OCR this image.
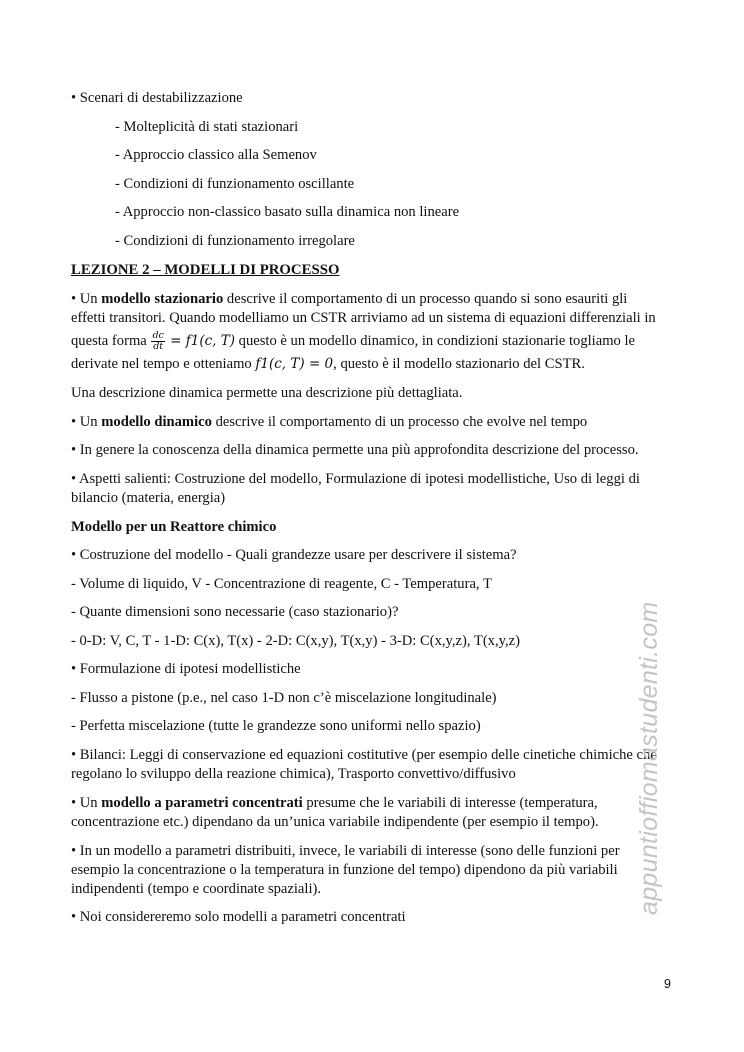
• Scenari di destabilizzazione
- Molteplicità di stati stazionari
- Approccio classico alla Semenov
- Condizioni di funzionamento oscillante
- Approccio non-classico basato sulla dinamica non lineare
- Condizioni di funzionamento irregolare
LEZIONE 2 – MODELLI DI PROCESSO
• Un modello stazionario descrive il comportamento di un processo quando si sono esauriti gli
effetti transitori. Quando modelliamo un CSTR arriviamo ad un sistema di equazioni differenziali in
questa forma $\frac{dc}{dt} = f1(c$, T) questo è un modello dinamico, in condizioni stazionarie togliamo le
derivate nel tempo e otteniamo f1(c, T) = 0, questo è il modello stazionario del CSTR.
Una descrizione dinamica permette una descrizione più dettagliata.
• Un modello dinamico descrive il comportamento di un processo che evolve nel tempo
• In genere la conoscenza della dinamica permette una più approfondita descrizione del processo.
• Aspetti salienti: Costruzione del modello, Formulazione di ipotesi modellistiche, Uso di leggi di
bilancio (materia, energia)
Modello per un Reattore chimico
• Costruzione del modello - Quali grandezze usare per descrivere il sistema?
- Volume di liquido, V - Concentrazione di reagente, C - Temperatura, T
- Quante dimensioni sono necessarie (caso stazionario)?
- 0-D: V, C, T - 1-D: C(x), T(x) - 2-D: C(x,y), T(x,y) - 3-D: C(x,y,z), T(x,y,z)
• Formulazione di ipotesi modellistiche
- Flusso a pistone (p.e., nel caso 1-D non c’è miscelazione longitudinale)
- Perfetta miscelazione (tutte le grandezze sono uniformi nello spazio)
• Bilanci: Leggi di conservazione ed equazioni costitutive (per esempio delle cinetiche chimiche che
regolano lo sviluppo della reazione chimica), Trasporto convettivo/diffusivo
• Un modello a parametri concentrati presume che le variabili di interesse (temperatura,
concentrazione etc.) dipendano da un’unica variabile indipendente (per esempio il tempo).
• In un modello a parametri distribuiti, invece, le variabili di interesse (sono delle funzioni per
esempio la concentrazione o la temperatura in funzione del tempo) dipendono da più variabili
indipendenti (tempo e coordinate spaziali).
• Noi considereremo solo modelli a parametri concentrati
appuntioffiomastudenti.com
9
